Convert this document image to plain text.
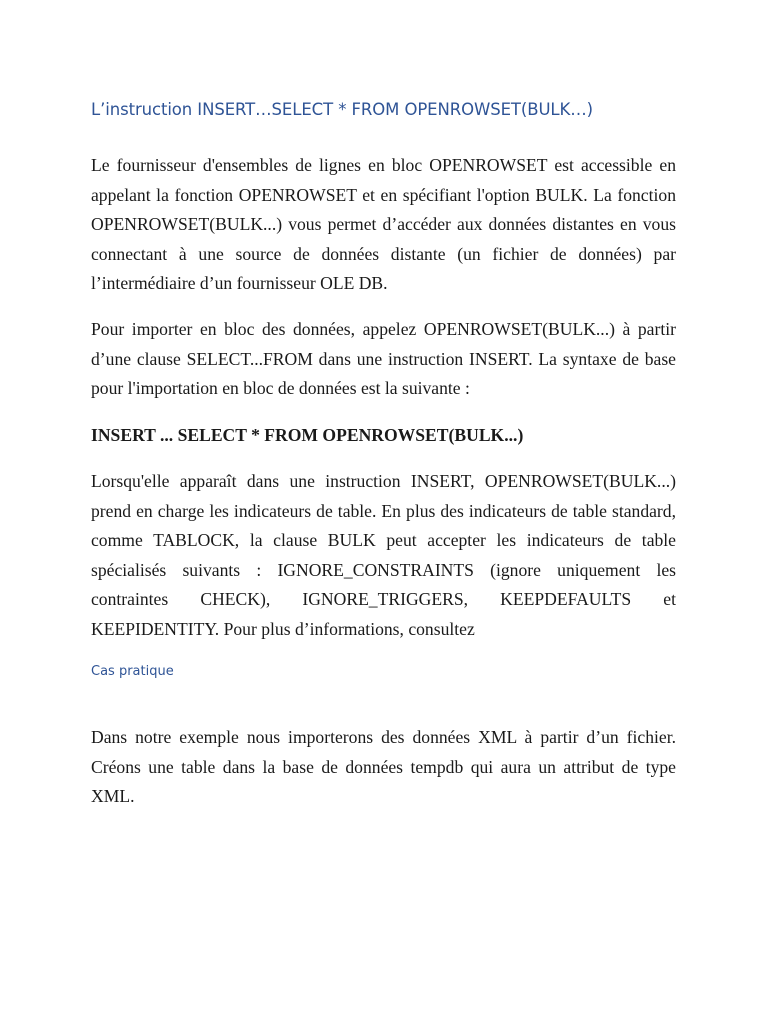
L’instruction INSERT…SELECT * FROM OPENROWSET(BULK…)

Le fournisseur d'ensembles de lignes en bloc OPENROWSET est accessible en appelant la fonction OPENROWSET et en spécifiant l'option BULK. La fonction OPENROWSET(BULK...) vous permet d’accéder aux données distantes en vous connectant à une source de données distante (un fichier de données) par l’intermédiaire d’un fournisseur OLE DB.

Pour importer en bloc des données, appelez OPENROWSET(BULK...) à partir d’une clause SELECT...FROM dans une instruction INSERT. La syntaxe de base pour l'importation en bloc de données est la suivante :

INSERT ... SELECT * FROM OPENROWSET(BULK...)

Lorsqu'elle apparaît dans une instruction INSERT, OPENROWSET(BULK...) prend en charge les indicateurs de table. En plus des indicateurs de table standard, comme TABLOCK, la clause BULK peut accepter les indicateurs de table spécialisés suivants : IGNORE_CONSTRAINTS (ignore uniquement les contraintes CHECK), IGNORE_TRIGGERS, KEEPDEFAULTS et KEEPIDENTITY. Pour plus d’informations, consultez

Cas pratique

Dans notre exemple nous importerons des données XML à partir d’un fichier. Créons une table dans la base de données tempdb qui aura un attribut de type XML.
